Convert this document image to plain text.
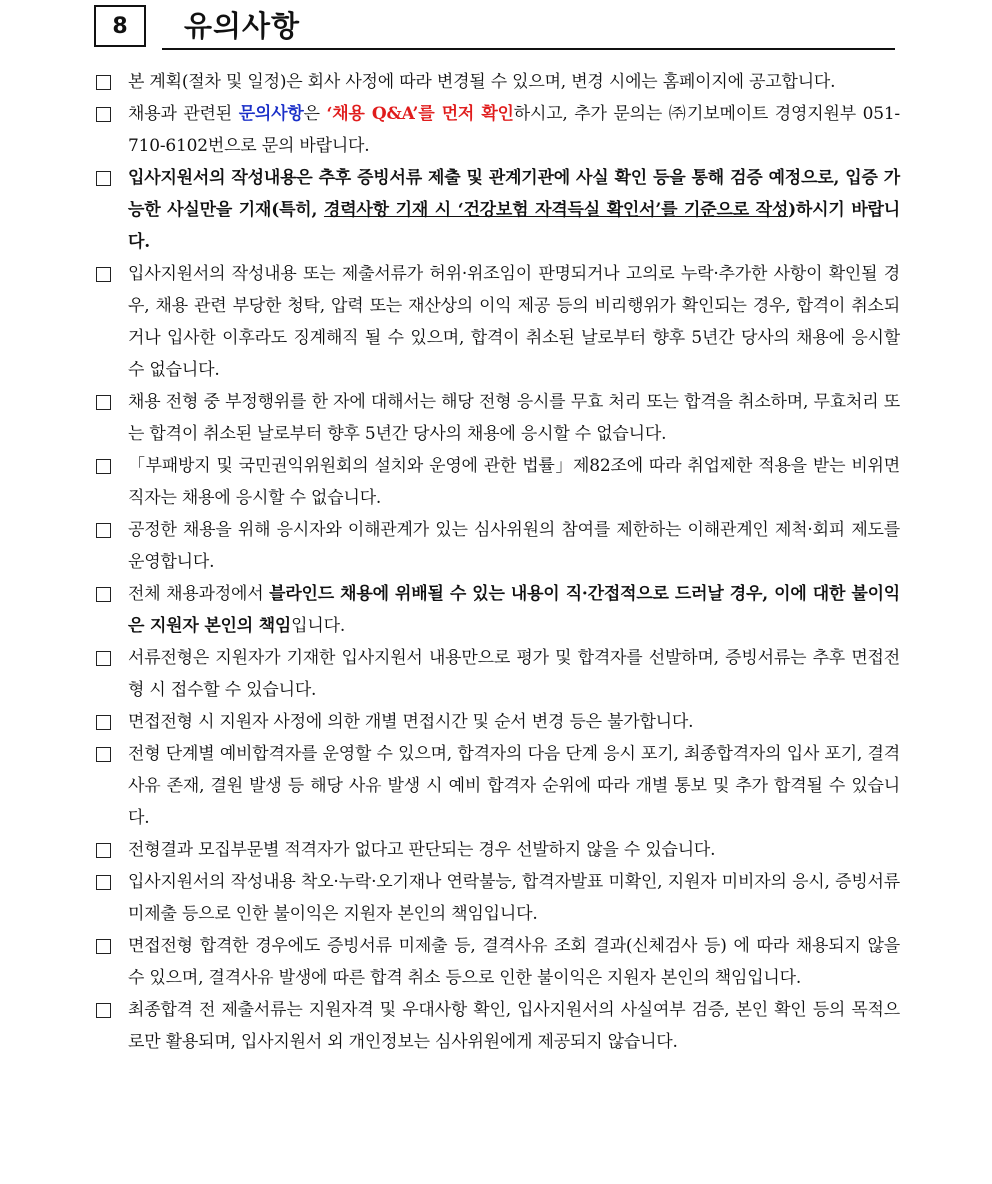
8	유의사항
본 계획(절차 및 일정)은 회사 사정에 따라 변경될 수 있으며, 변경 시에는 홈페이지에 공고합니다.
채용과 관련된 문의사항은 ‘채용 Q&A’를 먼저 확인하시고, 추가 문의는 ㈜기보메이트 경영지원부 051-710-6102번으로 문의 바랍니다.
입사지원서의 작성내용은 추후 증빙서류 제출 및 관계기관에 사실 확인 등을 통해 검증 예정으로, 입증 가능한 사실만을 기재(특히, 경력사항 기재 시 ‘건강보험 자격득실 확인서’를 기준으로 작성)하시기 바랍니다.
입사지원서의 작성내용 또는 제출서류가 허위·위조임이 판명되거나 고의로 누락·추가한 사항이 확인될 경우, 채용 관련 부당한 청탁, 압력 또는 재산상의 이익 제공 등의 비리행위가 확인되는 경우, 합격이 취소되거나 입사한 이후라도 징계해직 될 수 있으며, 합격이 취소된 날로부터 향후 5년간 당사의 채용에 응시할 수 없습니다.
채용 전형 중 부정행위를 한 자에 대해서는 해당 전형 응시를 무효 처리 또는 합격을 취소하며, 무효처리 또는 합격이 취소된 날로부터 향후 5년간 당사의 채용에 응시할 수 없습니다.
「부패방지 및 국민권익위원회의 설치와 운영에 관한 법률」제82조에 따라 취업제한 적용을 받는 비위면직자는 채용에 응시할 수 없습니다.
공정한 채용을 위해 응시자와 이해관계가 있는 심사위원의 참여를 제한하는 이해관계인 제척·회피 제도를 운영합니다.
전체 채용과정에서 블라인드 채용에 위배될 수 있는 내용이 직·간접적으로 드러날 경우, 이에 대한 불이익은 지원자 본인의 책임입니다.
서류전형은 지원자가 기재한 입사지원서 내용만으로 평가 및 합격자를 선발하며, 증빙서류는 추후 면접전형 시 접수할 수 있습니다.
면접전형 시 지원자 사정에 의한 개별 면접시간 및 순서 변경 등은 불가합니다.
전형 단계별 예비합격자를 운영할 수 있으며, 합격자의 다음 단계 응시 포기, 최종합격자의 입사 포기, 결격사유 존재, 결원 발생 등 해당 사유 발생 시 예비 합격자 순위에 따라 개별 통보 및 추가 합격될 수 있습니다.
전형결과 모집부문별 적격자가 없다고 판단되는 경우 선발하지 않을 수 있습니다.
입사지원서의 작성내용 착오·누락·오기재나 연락불능, 합격자발표 미확인, 지원자 미비자의 응시, 증빙서류 미제출 등으로 인한 불이익은 지원자 본인의 책임입니다.
면접전형 합격한 경우에도 증빙서류 미제출 등, 결격사유 조회 결과(신체검사 등) 에 따라 채용되지 않을 수 있으며, 결격사유 발생에 따른 합격 취소 등으로 인한 불이익은 지원자 본인의 책임입니다.
최종합격 전 제출서류는 지원자격 및 우대사항 확인, 입사지원서의 사실여부 검증, 본인 확인 등의 목적으로만 활용되며, 입사지원서 외 개인정보는 심사위원에게 제공되지 않습니다.
